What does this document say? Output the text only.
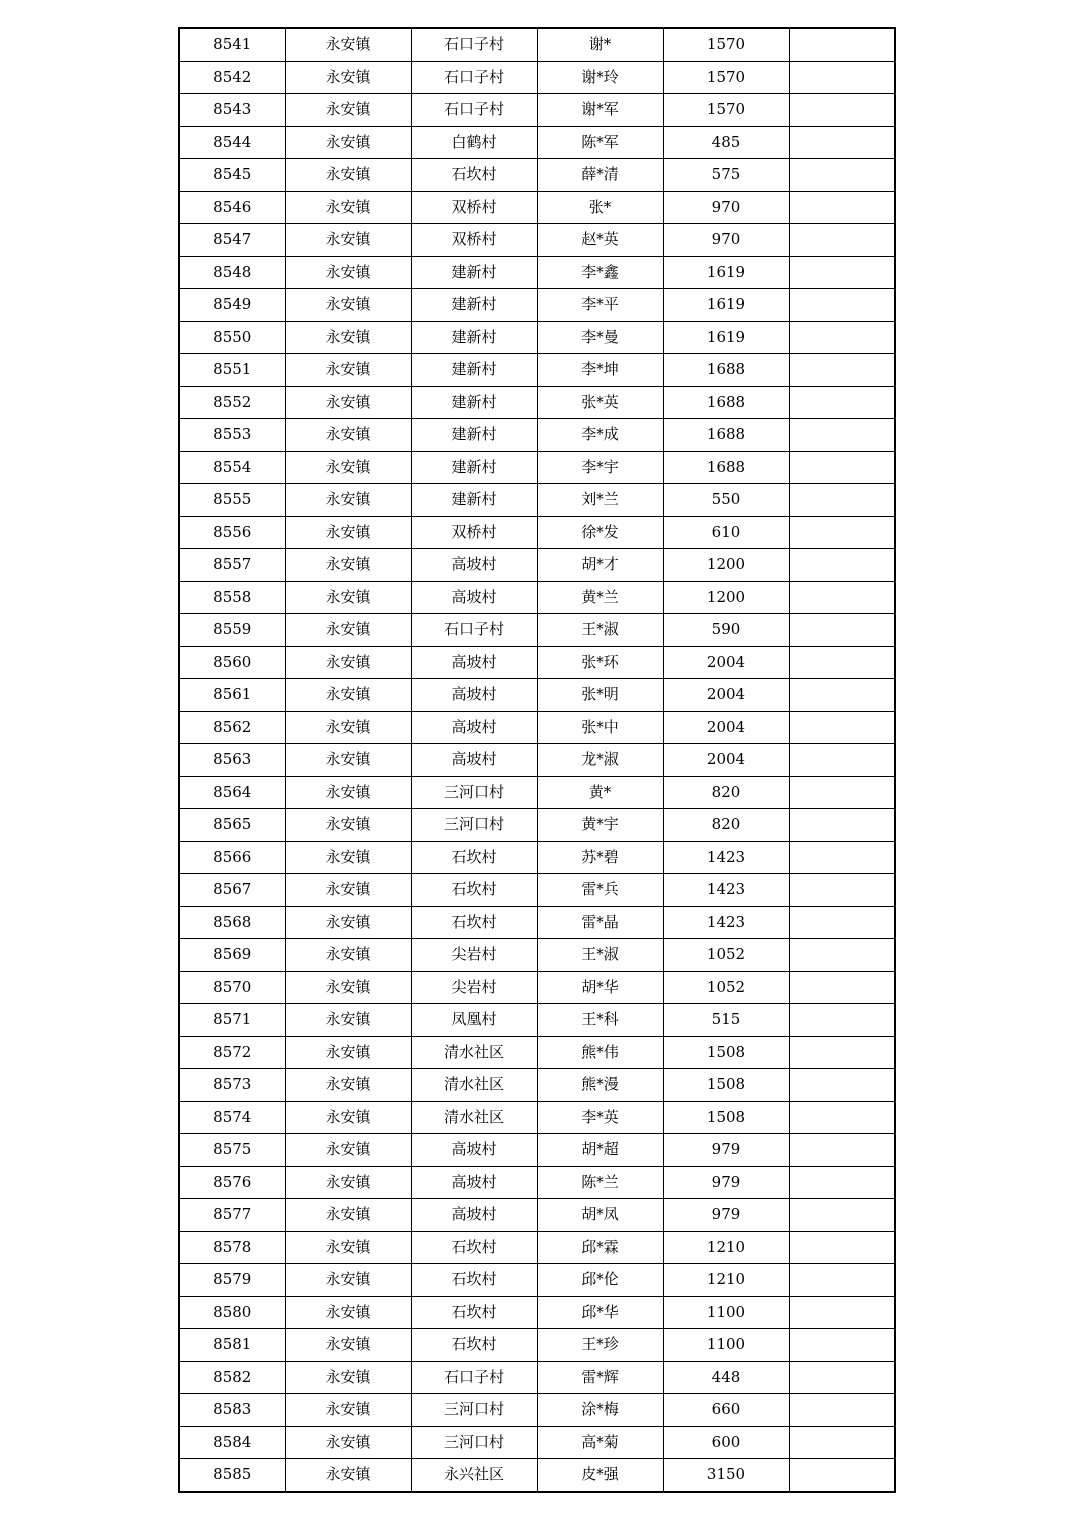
8541	永安镇	石口子村	谢*	1570	
8542	永安镇	石口子村	谢*玲	1570	
8543	永安镇	石口子村	谢*军	1570	
8544	永安镇	白鹤村	陈*军	485	
8545	永安镇	石坎村	薛*清	575	
8546	永安镇	双桥村	张*	970	
8547	永安镇	双桥村	赵*英	970	
8548	永安镇	建新村	李*鑫	1619	
8549	永安镇	建新村	李*平	1619	
8550	永安镇	建新村	李*曼	1619	
8551	永安镇	建新村	李*坤	1688	
8552	永安镇	建新村	张*英	1688	
8553	永安镇	建新村	李*成	1688	
8554	永安镇	建新村	李*宇	1688	
8555	永安镇	建新村	刘*兰	550	
8556	永安镇	双桥村	徐*发	610	
8557	永安镇	高坡村	胡*才	1200	
8558	永安镇	高坡村	黄*兰	1200	
8559	永安镇	石口子村	王*淑	590	
8560	永安镇	高坡村	张*环	2004	
8561	永安镇	高坡村	张*明	2004	
8562	永安镇	高坡村	张*中	2004	
8563	永安镇	高坡村	龙*淑	2004	
8564	永安镇	三河口村	黄*	820	
8565	永安镇	三河口村	黄*宇	820	
8566	永安镇	石坎村	苏*碧	1423	
8567	永安镇	石坎村	雷*兵	1423	
8568	永安镇	石坎村	雷*晶	1423	
8569	永安镇	尖岩村	王*淑	1052	
8570	永安镇	尖岩村	胡*华	1052	
8571	永安镇	凤凰村	王*科	515	
8572	永安镇	清水社区	熊*伟	1508	
8573	永安镇	清水社区	熊*漫	1508	
8574	永安镇	清水社区	李*英	1508	
8575	永安镇	高坡村	胡*超	979	
8576	永安镇	高坡村	陈*兰	979	
8577	永安镇	高坡村	胡*凤	979	
8578	永安镇	石坎村	邱*霖	1210	
8579	永安镇	石坎村	邱*伦	1210	
8580	永安镇	石坎村	邱*华	1100	
8581	永安镇	石坎村	王*珍	1100	
8582	永安镇	石口子村	雷*辉	448	
8583	永安镇	三河口村	涂*梅	660	
8584	永安镇	三河口村	高*菊	600	
8585	永安镇	永兴社区	皮*强	3150	
